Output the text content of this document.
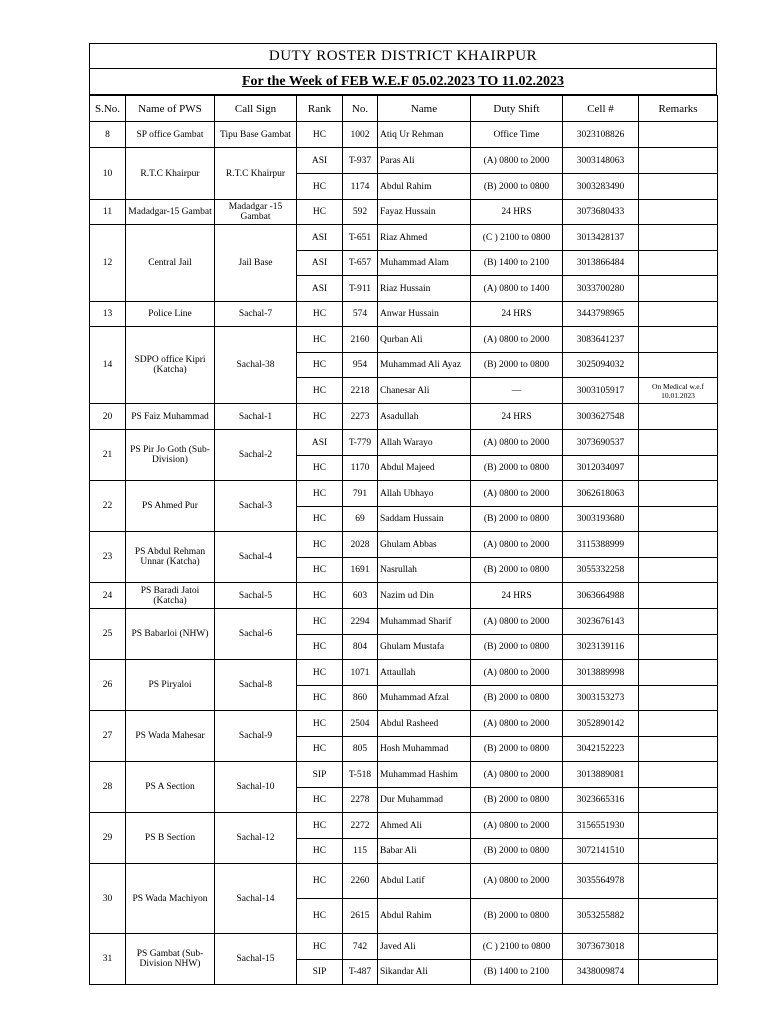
DUTY ROSTER DISTRICT KHAIRPUR
For the Week of FEB W.E.F 05.02.2023 TO 11.02.2023
S.No.	Name of PWS	Call Sign	Rank	No.	Name	Duty Shift	Cell #	Remarks
8	SP office Gambat	Tipu Base Gambat	HC	1002	Atiq Ur Rehman	Office Time	3023108826	
10	R.T.C Khairpur	R.T.C Khairpur	ASI	T-937	Paras Ali	(A) 0800 to 2000	3003148063	
			HC	1174	Abdul Rahim	(B) 2000 to 0800	3003283490	
11	Madadgar-15 Gambat	Madadgar -15 Gambat	HC	592	Fayaz Hussain	24 HRS	3073680433	
12	Central Jail	Jail Base	ASI	T-651	Riaz Ahmed	(C ) 2100 to 0800	3013428137	
			ASI	T-657	Muhammad Alam	(B) 1400 to 2100	3013866484	
			ASI	T-911	Riaz Hussain	(A) 0800 to 1400	3033700280	
13	Police Line	Sachal-7	HC	574	Anwar Hussain	24 HRS	3443798965	
14	SDPO office Kipri (Katcha)	Sachal-38	HC	2160	Qurban Ali	(A) 0800 to 2000	3083641237	
			HC	954	Muhammad Ali Ayaz	(B) 2000 to 0800	3025094032	
			HC	2218	Chanesar Ali	—	3003105917	On Medical w.e.f 10.01.2023
20	PS Faiz Muhammad	Sachal-1	HC	2273	Asadullah	24 HRS	3003627548	
21	PS Pir Jo Goth (Sub-Division)	Sachal-2	ASI	T-779	Allah Warayo	(A) 0800 to 2000	3073690537	
			HC	1170	Abdul Majeed	(B) 2000 to 0800	3012034097	
22	PS Ahmed Pur	Sachal-3	HC	791	Allah Ubhayo	(A) 0800 to 2000	3062618063	
			HC	69	Saddam Hussain	(B) 2000 to 0800	3003193680	
23	PS Abdul Rehman Unnar (Katcha)	Sachal-4	HC	2028	Ghulam Abbas	(A) 0800 to 2000	3115388999	
			HC	1691	Nasrullah	(B) 2000 to 0800	3055332258	
24	PS Baradi Jatoi (Katcha)	Sachal-5	HC	603	Nazim ud Din	24 HRS	3063664988	
25	PS Babarloi (NHW)	Sachal-6	HC	2294	Muhammad Sharif	(A) 0800 to 2000	3023676143	
			HC	804	Ghulam Mustafa	(B) 2000 to 0800	3023139116	
26	PS Piryaloi	Sachal-8	HC	1071	Attaullah	(A) 0800 to 2000	3013889998	
			HC	860	Muhammad Afzal	(B) 2000 to 0800	3003153273	
27	PS Wada Mahesar	Sachal-9	HC	2504	Abdul Rasheed	(A) 0800 to 2000	3052890142	
			HC	805	Hosh Muhammad	(B) 2000 to 0800	3042152223	
28	PS A Section	Sachal-10	SIP	T-518	Muhammad Hashim	(A) 0800 to 2000	3013889081	
			HC	2278	Dur Muhammad	(B) 2000 to 0800	3023665316	
29	PS B Section	Sachal-12	HC	2272	Ahmed Ali	(A) 0800 to 2000	3156551930	
			HC	115	Babar Ali	(B) 2000 to 0800	3072141510	
30	PS Wada Machiyon	Sachal-14	HC	2260	Abdul Latif	(A) 0800 to 2000	3035564978	
			HC	2615	Abdul Rahim	(B) 2000 to 0800	3053255882	
31	PS Gambat (Sub-Division NHW)	Sachal-15	HC	742	Javed Ali	(C ) 2100 to 0800	3073673018	
			SIP	T-487	Sikandar Ali	(B) 1400 to 2100	3438009874	
